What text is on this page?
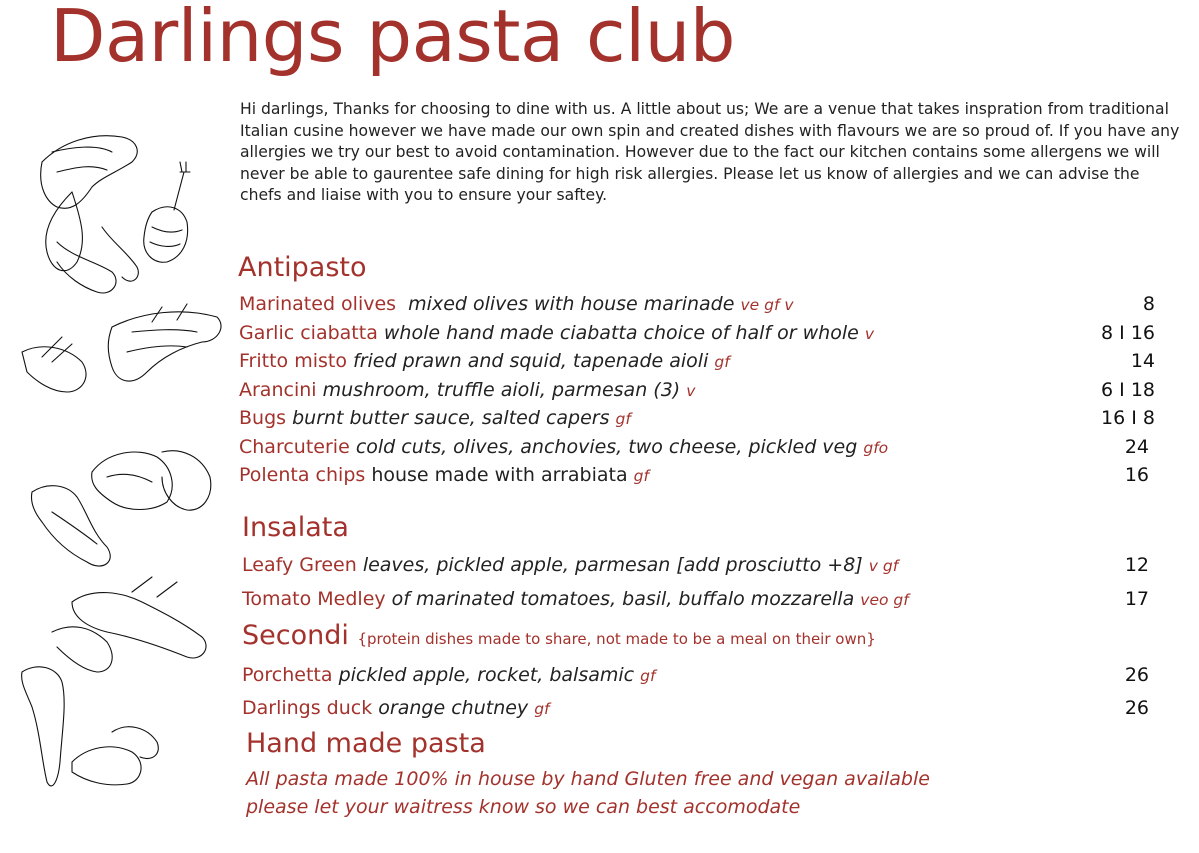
Darlings pasta club

Hi darlings, Thanks for choosing to dine with us. A little about us; We are a venue that takes inspration from traditional Italian cusine however we have made our own spin and created dishes with flavours we are so proud of. If you have any allergies we try our best to avoid contamination. However due to the fact our kitchen contains some allergens we will never be able to gaurentee safe dining for high risk allergies. Please let us know of allergies and we can advise the chefs and liaise with you to ensure your saftey.

Antipasto
Marinated olives mixed olives with house marinade ve gf v	8
Garlic ciabatta whole hand made ciabatta choice of half or whole v	8 I 16
Fritto misto fried prawn and squid, tapenade aioli gf	14
Arancini mushroom, truffle aioli, parmesan (3) v	6 I 18
Bugs burnt butter sauce, salted capers gf	16 I 8
Charcuterie cold cuts, olives, anchovies, two cheese, pickled veg gfo	24
Polenta chips house made with arrabiata gf	16
Insalata
Leafy Green leaves, pickled apple, parmesan [add prosciutto +8] v gf	12
Tomato Medley of marinated tomatoes, basil, buffalo mozzarella veo gf	17
Secondi {protein dishes made to share, not made to be a meal on their own}
Porchetta pickled apple, rocket, balsamic gf	26
Darlings duck orange chutney gf	26
Hand made pasta

All pasta made 100% in house by hand Gluten free and vegan available
please let your waitress know so we can best accomodate
